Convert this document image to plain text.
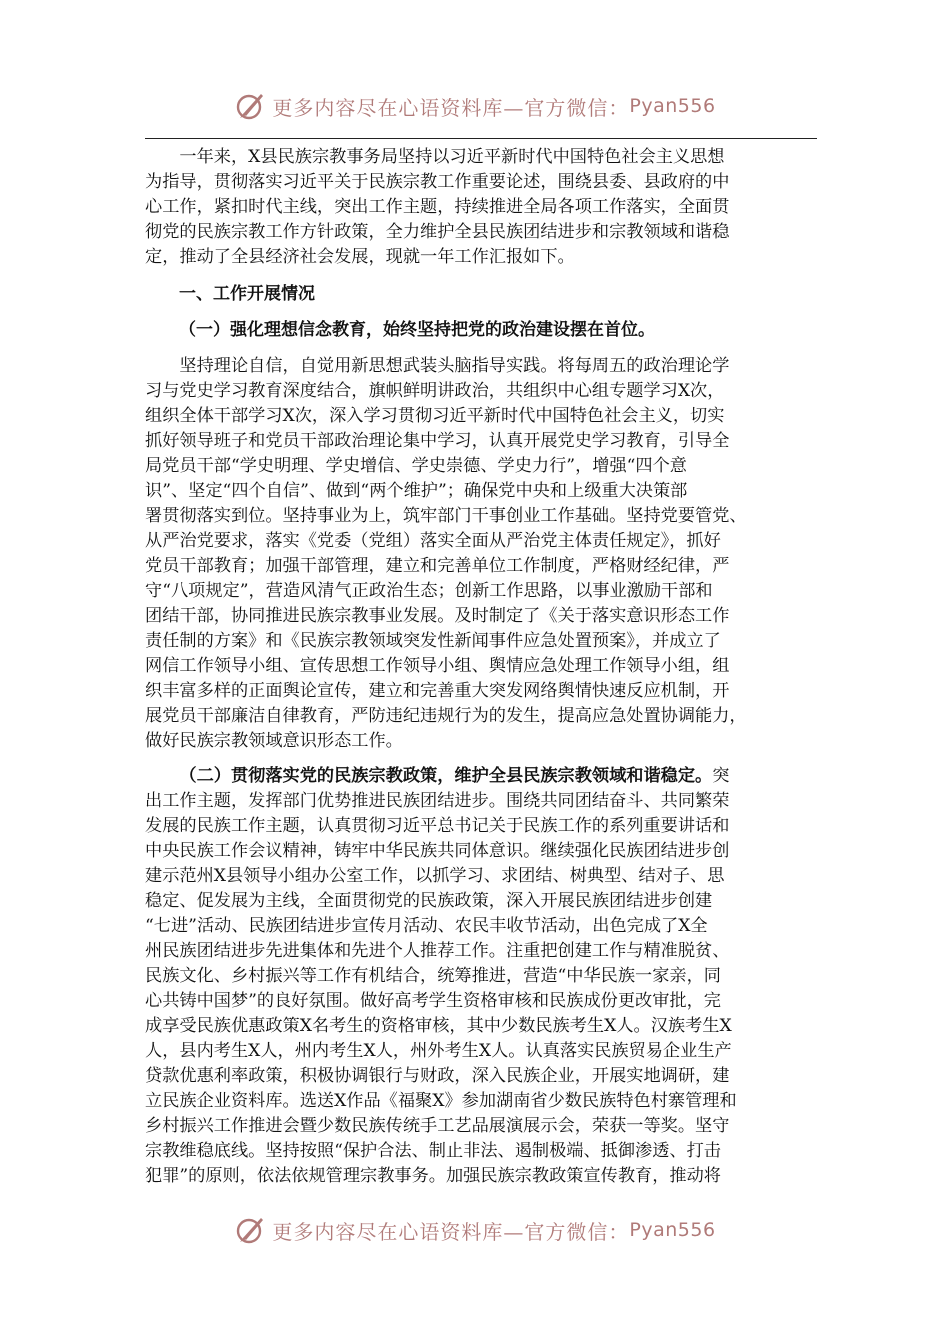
更多内容尽在心语资料库—官方微信： Pyan556

一年来，X县民族宗教事务局坚持以习近平新时代中国特色社会主义思想
为指导，贯彻落实习近平关于民族宗教工作重要论述，围绕县委、县政府的中
心工作，紧扣时代主线，突出工作主题，持续推进全局各项工作落实，全面贯
彻党的民族宗教工作方针政策，全力维护全县民族团结进步和宗教领域和谐稳
定，推动了全县经济社会发展，现就一年工作汇报如下。

一、工作开展情况

（一）强化理想信念教育，始终坚持把党的政治建设摆在首位。

坚持理论自信，自觉用新思想武装头脑指导实践。将每周五的政治理论学
习与党史学习教育深度结合，旗帜鲜明讲政治，共组织中心组专题学习X次，
组织全体干部学习X次，深入学习贯彻习近平新时代中国特色社会主义，切实
抓好领导班子和党员干部政治理论集中学习，认真开展党史学习教育，引导全
局党员干部“学史明理、学史增信、学史崇德、学史力行”，增强“四个意
识”、坚定“四个自信”、做到“两个维护”；确保党中央和上级重大决策部
署贯彻落实到位。坚持事业为上，筑牢部门干事创业工作基础。坚持党要管党、
从严治党要求，落实《党委（党组）落实全面从严治党主体责任规定》，抓好
党员干部教育；加强干部管理，建立和完善单位工作制度，严格财经纪律，严
守“八项规定”，营造风清气正政治生态；创新工作思路，以事业激励干部和
团结干部，协同推进民族宗教事业发展。及时制定了《关于落实意识形态工作
责任制的方案》和《民族宗教领域突发性新闻事件应急处置预案》，并成立了
网信工作领导小组、宣传思想工作领导小组、舆情应急处理工作领导小组，组
织丰富多样的正面舆论宣传，建立和完善重大突发网络舆情快速反应机制，开
展党员干部廉洁自律教育，严防违纪违规行为的发生，提高应急处置协调能力，
做好民族宗教领域意识形态工作。

（二）贯彻落实党的民族宗教政策，维护全县民族宗教领域和谐稳定。突
出工作主题，发挥部门优势推进民族团结进步。围绕共同团结奋斗、共同繁荣
发展的民族工作主题，认真贯彻习近平总书记关于民族工作的系列重要讲话和
中央民族工作会议精神，铸牢中华民族共同体意识。继续强化民族团结进步创
建示范州X县领导小组办公室工作，以抓学习、求团结、树典型、结对子、思
稳定、促发展为主线，全面贯彻党的民族政策，深入开展民族团结进步创建
“七进”活动、民族团结进步宣传月活动、农民丰收节活动，出色完成了X全
州民族团结进步先进集体和先进个人推荐工作。注重把创建工作与精准脱贫、
民族文化、乡村振兴等工作有机结合，统筹推进，营造“中华民族一家亲，同
心共铸中国梦”的良好氛围。做好高考学生资格审核和民族成份更改审批，完
成享受民族优惠政策X名考生的资格审核，其中少数民族考生X人。汉族考生X
人，县内考生X人，州内考生X人，州外考生X人。认真落实民族贸易企业生产
贷款优惠利率政策，积极协调银行与财政，深入民族企业，开展实地调研，建
立民族企业资料库。选送X作品《福聚X》参加湖南省少数民族特色村寨管理和
乡村振兴工作推进会暨少数民族传统手工艺品展演展示会，荣获一等奖。坚守
宗教维稳底线。坚持按照“保护合法、制止非法、遏制极端、抵御渗透、打击
犯罪”的原则，依法依规管理宗教事务。加强民族宗教政策宣传教育，推动将

更多内容尽在心语资料库—官方微信： Pyan556
